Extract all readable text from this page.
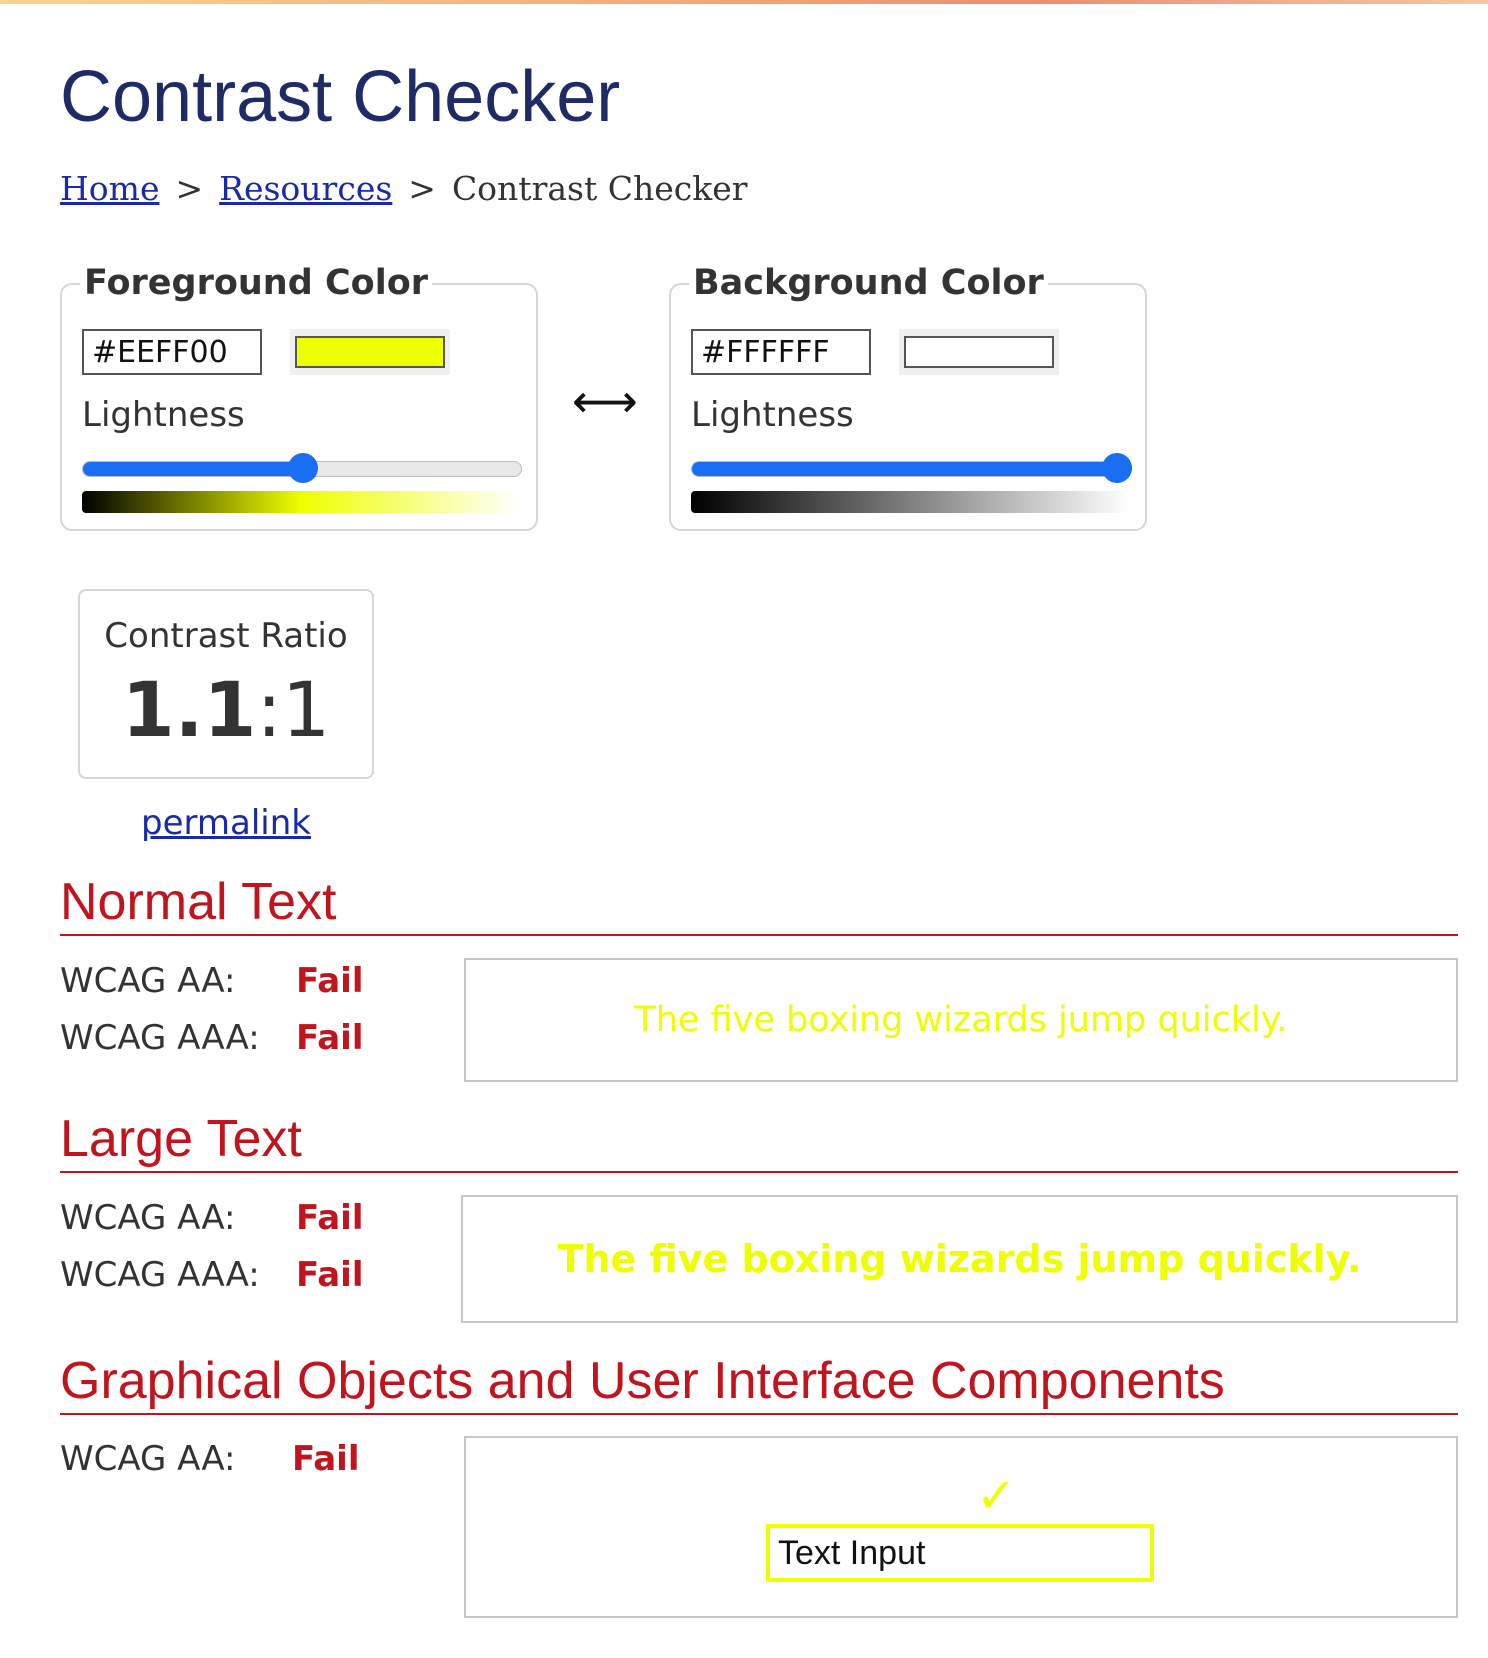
Contrast Checker
Home > Resources > Contrast Checker
Foreground Color
#EEFF00
Lightness	⟷
Background Color
#FFFFFF
Lightness
Contrast Ratio
1.1:1
permalink
Normal Text
WCAG AA: Fail
WCAG AAA: Fail	The five boxing wizards jump quickly.
Large Text
WCAG AA: Fail
WCAG AAA: Fail	The five boxing wizards jump quickly.
Graphical Objects and User Interface Components
WCAG AA: Fail
✓
Text Input
